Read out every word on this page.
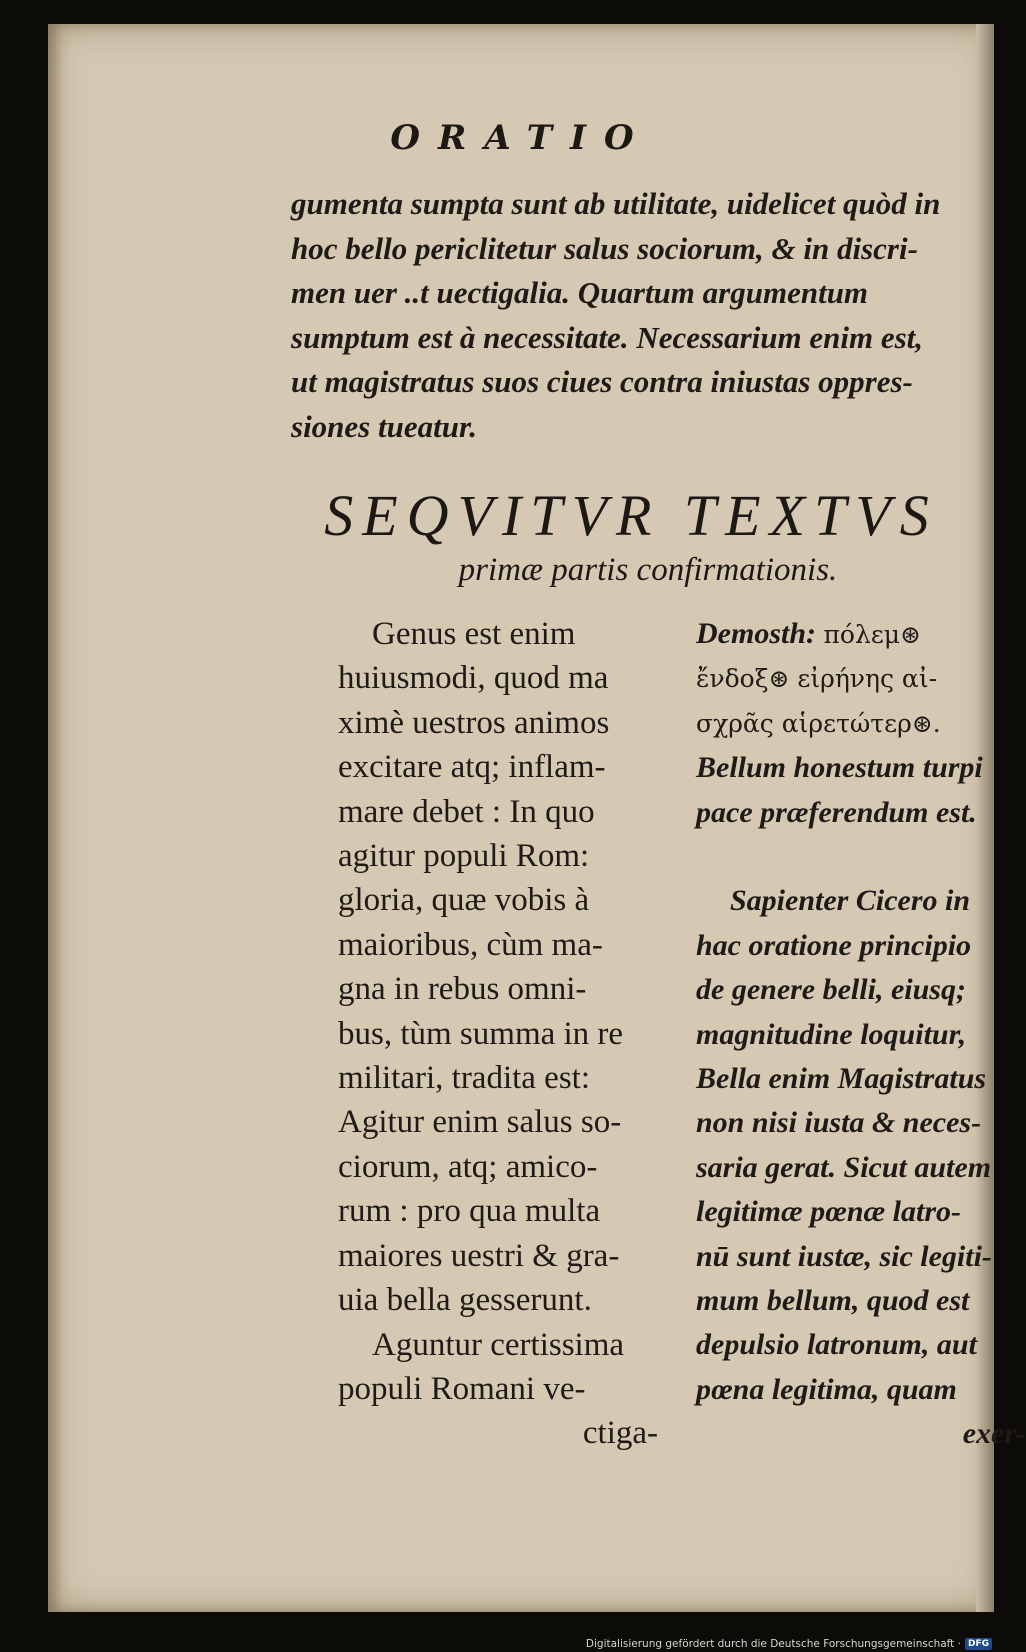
ORATIO
gumenta sumpta sunt ab utilitate, uidelicet quòd in
hoc bello periclitetur salus sociorum, & in discri-
men uer ..t uectigalia. Quartum argumentum
sumptum est à necessitate. Necessarium enim est,
ut magistratus suos ciues contra iniustas oppres-
siones tueatur.
SEQVITVR TEXTVS
primæ partis confirmationis.
Genus est enim
huiusmodi, quod ma
ximè uestros animos
excitare atq; inflam-
mare debet : In quo
agitur populi Rom:
gloria, quæ vobis à
maioribus, cùm ma-
gna in rebus omni-
bus, tùm summa in re
militari, tradita est:
Agitur enim salus so-
ciorum, atq; amico-
rum : pro qua multa
maiores uestri & gra-
uia bella gesserunt.
Aguntur certissima
populi Romani ve-
ctiga-
Demosth: πόλεμ⊛
ἔνδοξ⊛ εἰρήνης αἰ-
σχρᾶς αἱρετώτερ⊛.
Bellum honestum turpi
pace præferendum est.
Sapienter Cicero in
hac oratione principio
de genere belli, eiusq;
magnitudine loquitur,
Bella enim Magistratus
non nisi iusta & neces-
saria gerat. Sicut autem
legitimæ pœnæ latro-
nū sunt iustæ, sic legiti-
mum bellum, quod est
depulsio latronum, aut
pœna legitima, quam
exer-
Digitalisierung gefördert durch die Deutsche Forschungsgemeinschaft · DFG
